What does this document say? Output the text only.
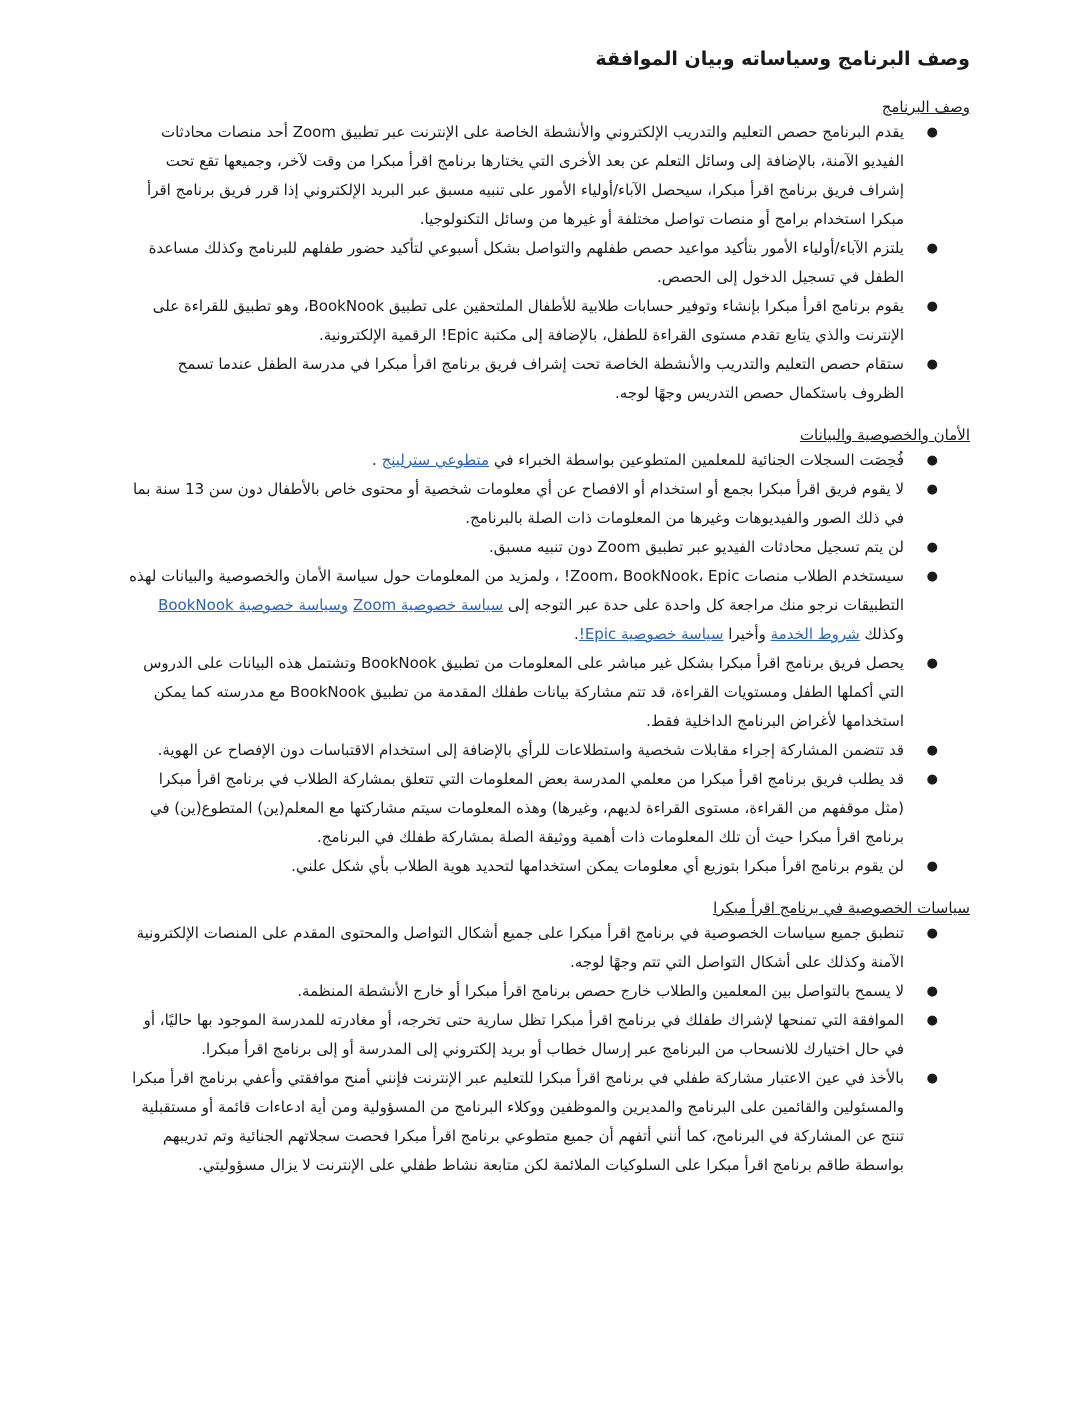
وصف البرنامج وسياساته وبيان الموافقة
وصف البرنامج
●
يقدم البرنامج حصص التعليم والتدريب الإلكتروني والأنشطة الخاصة على الإنترنت عبر تطبيق Zoom أحد منصات محادثات الفيديو الآمنة، بالإضافة إلى وسائل التعلم عن بعد الأخرى التي يختارها برنامج اقرأ مبكرا من وقت لآخر، وجميعها تقع تحت إشراف فريق برنامج اقرأ مبكرا، سيحصل الآباء/أولياء الأمور على تنبيه مسبق عبر البريد الإلكتروني إذا قرر فريق برنامج اقرأ مبكرا استخدام برامج أو منصات تواصل مختلفة أو غيرها من وسائل التكنولوجيا.
●
يلتزم الآباء/أولياء الأمور بتأكيد مواعيد حصص طفلهم والتواصل بشكل أسبوعي لتأكيد حضور طفلهم للبرنامج وكذلك مساعدة الطفل في تسجيل الدخول إلى الحصص.
●
يقوم برنامج اقرأ مبكرا بإنشاء وتوفير حسابات طلابية للأطفال الملتحقين على تطبيق BookNook، وهو تطبيق للقراءة على الإنترنت والذي يتابع تقدم مستوى القراءة للطفل، بالإضافة إلى مكتبة Epic! الرقمية الإلكترونية.
●
ستقام حصص التعليم والتدريب والأنشطة الخاصة تحت إشراف فريق برنامج اقرأ مبكرا في مدرسة الطفل عندما تسمح الظروف باستكمال حصص التدريس وجهًا لوجه.
الأمان والخصوصية والبيانات
●
فُحِصَت السجلات الجنائية للمعلمين المتطوعين بواسطة الخبراء في متطوعي سترلينج .
●
لا يقوم فريق اقرأ مبكرا بجمع أو استخدام أو الافصاح عن أي معلومات شخصية أو محتوى خاص بالأطفال دون سن 13 سنة بما في ذلك الصور والفيديوهات وغيرها من المعلومات ذات الصلة بالبرنامج.
●
لن يتم تسجيل محادثات الفيديو عبر تطبيق Zoom دون تنبيه مسبق.
●
سيستخدم الطلاب منصات Zoom، BookNook، Epic! ، ولمزيد من المعلومات حول سياسة الأمان والخصوصية والبيانات لهذه التطبيقات نرجو منك مراجعة كل واحدة على حدة عبر التوجه إلى سياسة خصوصية Zoom وسياسة خصوصية BookNook وكذلك شروط الخدمة وأخيرا سياسة خصوصية Epic!.
●
يحصل فريق برنامج اقرأ مبكرا بشكل غير مباشر على المعلومات من تطبيق BookNook وتشتمل هذه البيانات على الدروس التي أكملها الطفل ومستويات القراءة، قد تتم مشاركة بيانات طفلك المقدمة من تطبيق BookNook مع مدرسته كما يمكن استخدامها لأغراض البرنامج الداخلية فقط.
●
قد تتضمن المشاركة إجراء مقابلات شخصية واستطلاعات للرأي بالإضافة إلى استخدام الاقتباسات دون الإفصاح عن الهوية.
●
قد يطلب فريق برنامج اقرأ مبكرا من معلمي المدرسة بعض المعلومات التي تتعلق بمشاركة الطلاب في برنامج اقرأ مبكرا (مثل موقفهم من القراءة، مستوى القراءة لديهم، وغيرها) وهذه المعلومات سيتم مشاركتها مع المعلم(ين) المتطوع(ين) في برنامج اقرأ مبكرا حيث أن تلك المعلومات ذات أهمية ووثيقة الصلة بمشاركة طفلك في البرنامج.
●
لن يقوم برنامج اقرأ مبكرا بتوزيع أي معلومات يمكن استخدامها لتحديد هوية الطلاب بأي شكل علني.
سياسات الخصوصية في برنامج اقرأ مبكرا
●
تنطبق جميع سياسات الخصوصية في برنامج اقرأ مبكرا على جميع أشكال التواصل والمحتوى المقدم على المنصات الإلكترونية الآمنة وكذلك على أشكال التواصل التي تتم وجهًا لوجه.
●
لا يسمح بالتواصل بين المعلمين والطلاب خارج حصص برنامج اقرأ مبكرا أو خارج الأنشطة المنظمة.
●
الموافقة التي تمنحها لإشراك طفلك في برنامج اقرأ مبكرا تظل سارية حتى تخرجه، أو مغادرته للمدرسة الموجود بها حاليًا، أو في حال اختيارك للانسحاب من البرنامج عبر إرسال خطاب أو بريد إلكتروني إلى المدرسة أو إلى برنامج اقرأ مبكرا.
●
بالأخذ في عين الاعتبار مشاركة طفلي في برنامج اقرأ مبكرا للتعليم عبر الإنترنت فإنني أمنح موافقتي وأعفي برنامج اقرأ مبكرا والمسئولين والقائمين على البرنامج والمديرين والموظفين ووكلاء البرنامج من المسؤولية ومن أية ادعاءات قائمة أو مستقبلية تنتج عن المشاركة في البرنامج، كما أنني أتفهم أن جميع متطوعي برنامج اقرأ مبكرا فحصت سجلاتهم الجنائية وتم تدريبهم بواسطة طاقم برنامج اقرأ مبكرا على السلوكيات الملائمة لكن متابعة نشاط طفلي على الإنترنت لا يزال مسؤوليتي.
